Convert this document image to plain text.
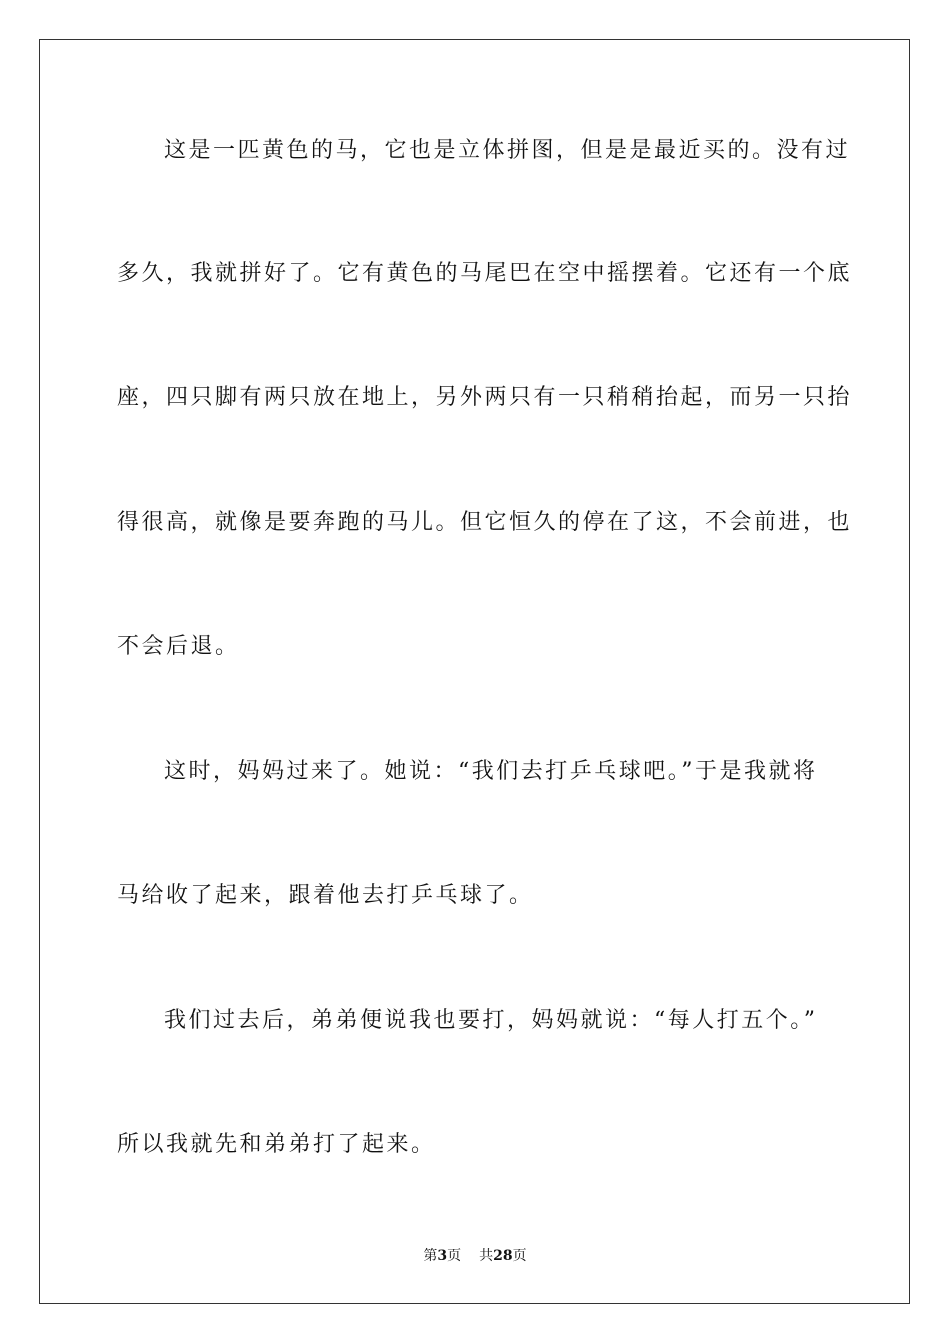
这是一匹黄色的马，它也是立体拼图，但是是最近买的。没有过
多久，我就拼好了。它有黄色的马尾巴在空中摇摆着。它还有一个底
座，四只脚有两只放在地上，另外两只有一只稍稍抬起，而另一只抬
得很高，就像是要奔跑的马儿。但它恒久的停在了这，不会前进，也
不会后退。
这时，妈妈过来了。她说：“我们去打乒乓球吧。”于是我就将
马给收了起来，跟着他去打乒乓球了。
我们过去后，弟弟便说我也要打，妈妈就说：“每人打五个。”
所以我就先和弟弟打了起来。
第3页 共28页
